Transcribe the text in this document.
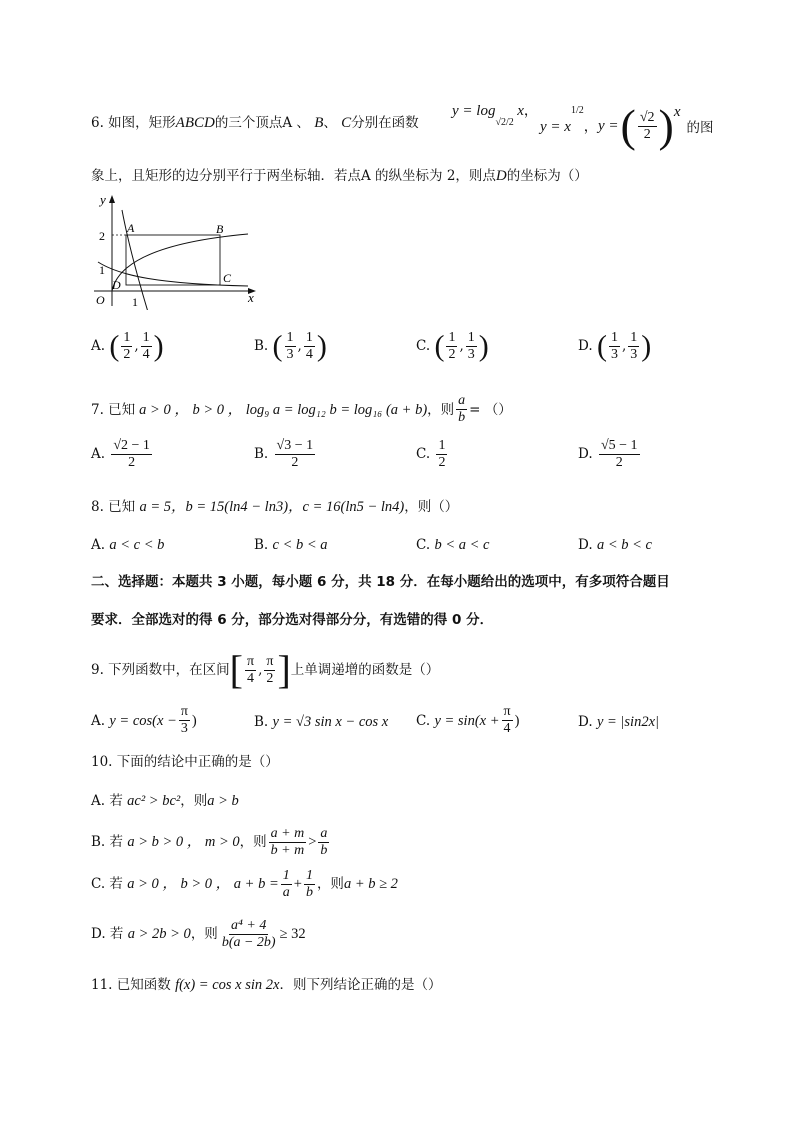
6. 如图，矩形ABCD的三个顶点A 、 B、 C分别在函数
$y = \log_{√2/2} x$，
$y = x^{1/2}$， y = ( $\frac{√2}{2}$ ) x
的图
象上，且矩形的边分别平行于两坐标轴．若点A 的纵坐标为 2，则点D的坐标为（）
y
x
O
2
1
1
A	B
C
D
A. ( $\frac{1}{2}$ , $\frac{1}{4}$ )	B. ( $\frac{1}{3}$ , $\frac{1}{4}$ )	C. ( $\frac{1}{2}$ , $\frac{1}{3}$ )	D. ( $\frac{1}{3}$ , $\frac{1}{3}$ )
7. 已知 a > 0 ， b > 0 ， log₉ a = log₁₂ b = log₁₆ (a + b) ，则 $\frac{a}{b}$ = （）
A. $\frac{√2 - 1}{2}$	B. $\frac{√3 - 1}{2}$	C. $\frac{1}{2}$	D. $\frac{√5 - 1}{2}$
8. 已知 a = 5，b = 15(ln4 − ln3)，c = 16(ln5 − ln4)，则（）
A. a < c < b	B. c < b < a	C. b < a < c	D. a < b < c
二、选择题：本题共 3 小题，每小题 6 分，共 18 分．在每小题给出的选项中，有多项符合题目
要求．全部选对的得 6 分，部分选对得部分分，有选错的得 0 分．
9. 下列函数中，在区间 [ $\frac{\pi}{4}$ , $\frac{\pi}{2}$ ] 上单调递增的函数是（）
A.
$y = \cos(x - \frac{\pi}{3}$ )	B. y = √3 sin x − cos x C.
$y = \sin(x + \frac{\pi}{4}$ )	D. y = |sin2x|
10. 下面的结论中正确的是（）
A. 若 ac² > bc²，则a > b
B. 若
a > b > 0 ， m > 0 ，则 $\frac{a + m}{b + m} > \frac{a}{b}$
C. 若
a > 0 ， b > 0 ， $a + b = \frac{1}{a} + \frac{1}{b}$ ，则 a + b ≥ 2
D. 若
a > 2b > 0 ，则 $\frac{\text{a⁴ + 4}}{b(a - 2b)} \ge 32$
11. 已知函数 f(x) = cos x sin 2x．则下列结论正确的是（）
